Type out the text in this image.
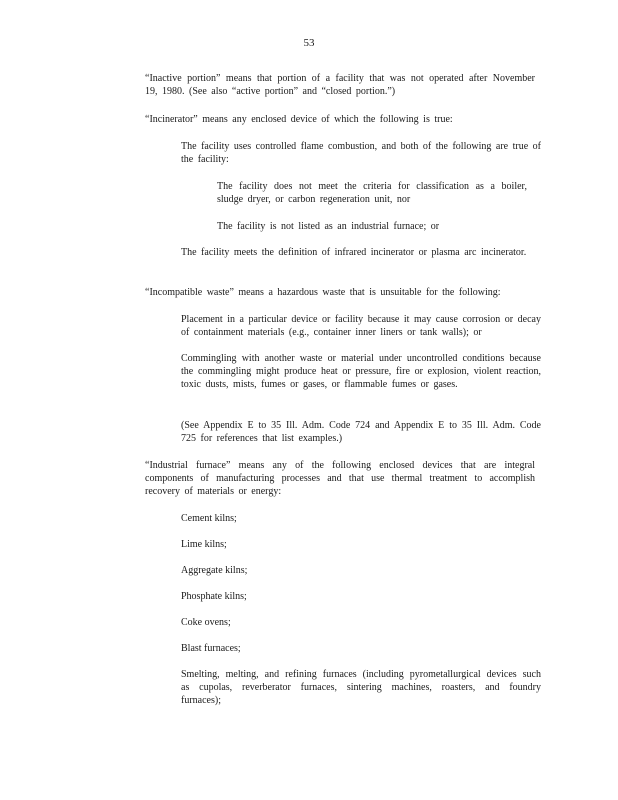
53
“Inactive portion” means that portion of a facility that was not operated after November 19, 1980. (See also “active portion” and “closed portion.”)
“Incinerator” means any enclosed device of which the following is true:
The facility uses controlled flame combustion, and both of the following are true of the facility:
The facility does not meet the criteria for classification as a boiler, sludge dryer, or carbon regeneration unit, nor
The facility is not listed as an industrial furnace; or
The facility meets the definition of infrared incinerator or plasma arc incinerator.
“Incompatible waste” means a hazardous waste that is unsuitable for the following:
Placement in a particular device or facility because it may cause corrosion or decay of containment materials (e.g., container inner liners or tank walls); or
Commingling with another waste or material under uncontrolled conditions because the commingling might produce heat or pressure, fire or explosion, violent reaction, toxic dusts, mists, fumes or gases, or flammable fumes or gases.
(See Appendix E to 35 Ill. Adm. Code 724 and Appendix E to 35 Ill. Adm. Code 725 for references that list examples.)
“Industrial furnace” means any of the following enclosed devices that are integral components of manufacturing processes and that use thermal treatment to accomplish recovery of materials or energy:
Cement kilns;
Lime kilns;
Aggregate kilns;
Phosphate kilns;
Coke ovens;
Blast furnaces;
Smelting, melting, and refining furnaces (including pyrometallurgical devices such as cupolas, reverberator furnaces, sintering machines, roasters, and foundry furnaces);
